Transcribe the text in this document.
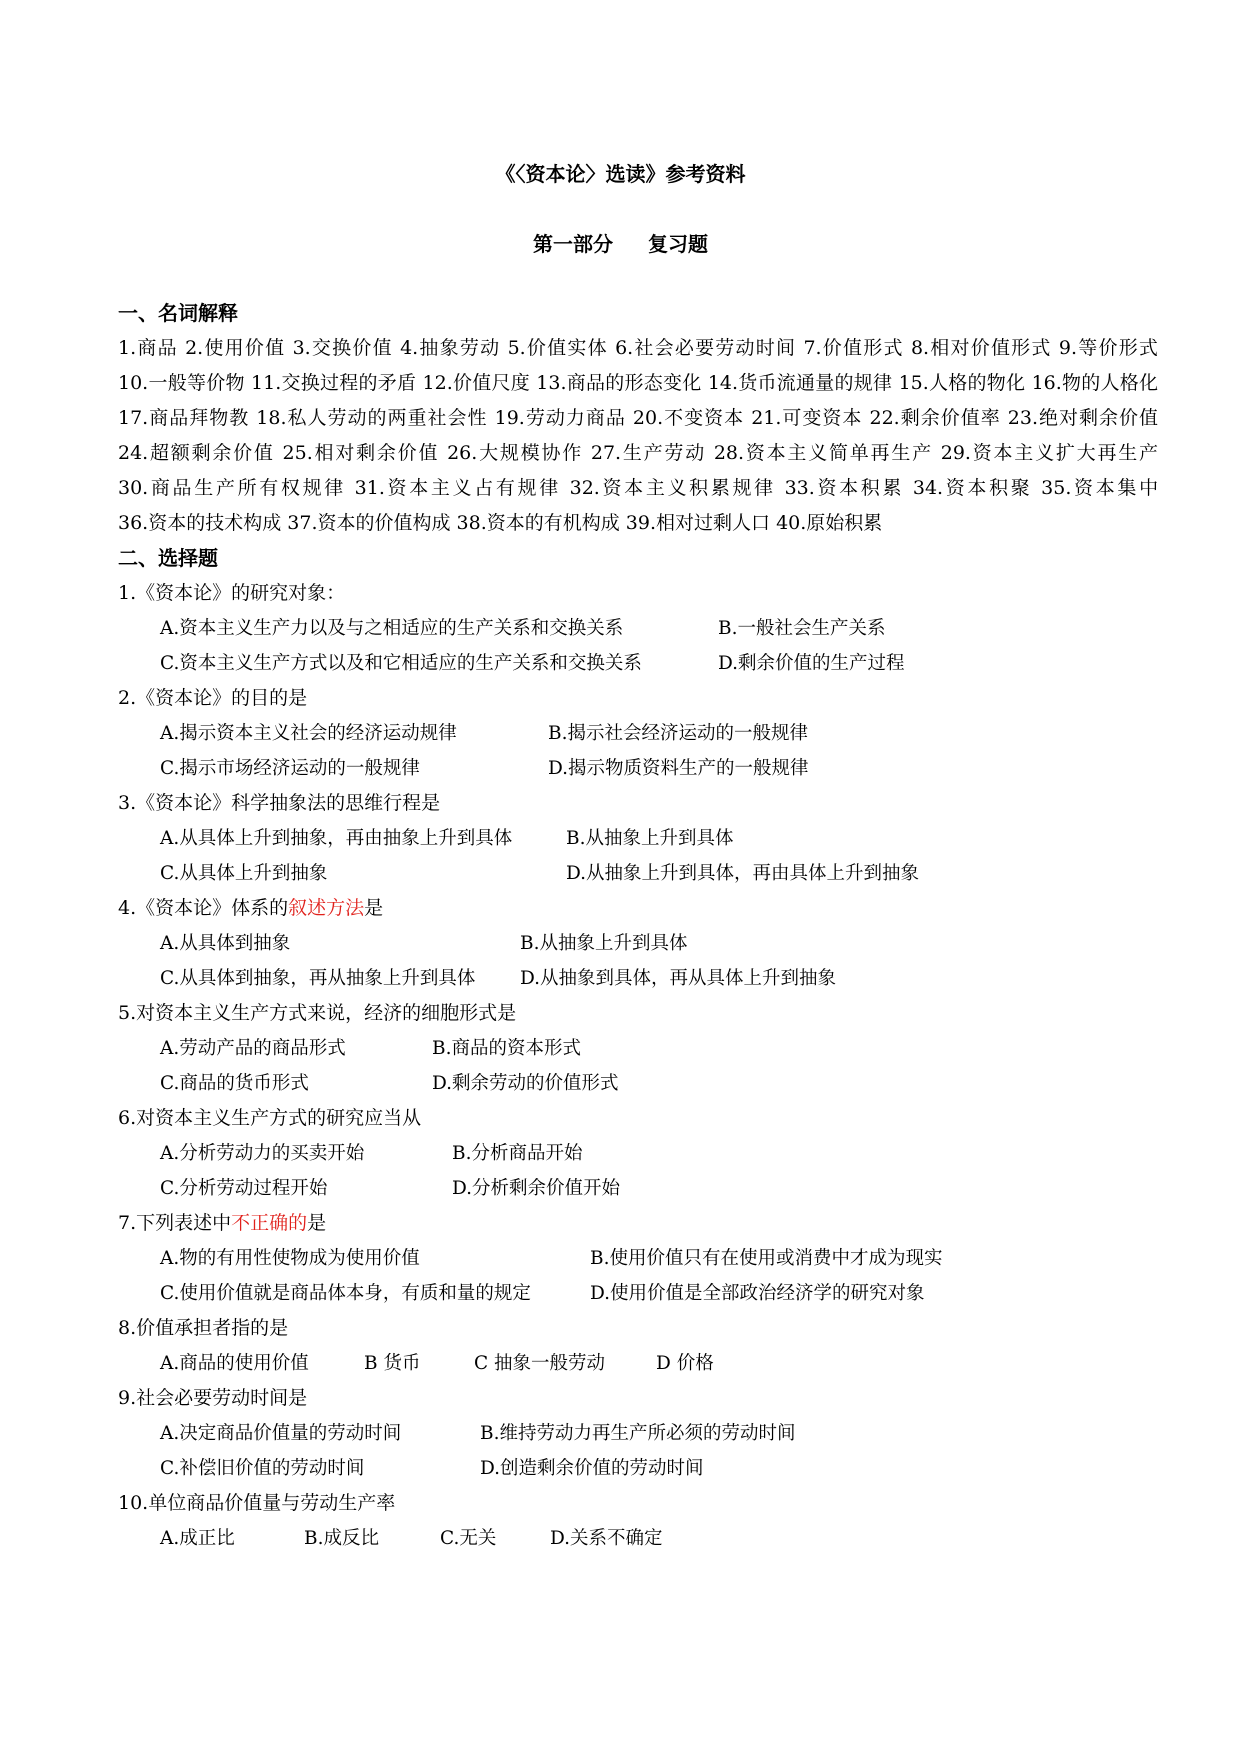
《〈资本论〉选读》参考资料
第一部分 复习题
一、名词解释
1.商品 2.使用价值 3.交换价值 4.抽象劳动 5.价值实体 6.社会必要劳动时间 7.价值形式 8.相对价值形式 9.等价形式 10.一般等价物 11.交换过程的矛盾 12.价值尺度 13.商品的形态变化 14.货币流通量的规律 15.人格的物化 16.物的人格化 17.商品拜物教 18.私人劳动的两重社会性 19.劳动力商品 20.不变资本 21.可变资本 22.剩余价值率 23.绝对剩余价值 24.超额剩余价值 25.相对剩余价值 26.大规模协作 27.生产劳动 28.资本主义简单再生产 29.资本主义扩大再生产 30.商品生产所有权规律 31.资本主义占有规律 32.资本主义积累规律 33.资本积累 34.资本积聚 35.资本集中 36.资本的技术构成 37.资本的价值构成 38.资本的有机构成 39.相对过剩人口 40.原始积累
二、选择题
1.《资本论》的研究对象：
A.资本主义生产力以及与之相适应的生产关系和交换关系	B.一般社会生产关系
C.资本主义生产方式以及和它相适应的生产关系和交换关系	D.剩余价值的生产过程
2.《资本论》的目的是
A.揭示资本主义社会的经济运动规律	B.揭示社会经济运动的一般规律
C.揭示市场经济运动的一般规律	D.揭示物质资料生产的一般规律
3.《资本论》科学抽象法的思维行程是
A.从具体上升到抽象，再由抽象上升到具体	B.从抽象上升到具体
C.从具体上升到抽象	D.从抽象上升到具体，再由具体上升到抽象
4.《资本论》体系的叙述方法是
A.从具体到抽象	B.从抽象上升到具体
C.从具体到抽象，再从抽象上升到具体 D.从抽象到具体，再从具体上升到抽象
5.对资本主义生产方式来说，经济的细胞形式是
A.劳动产品的商品形式	B.商品的资本形式
C.商品的货币形式	D.剩余劳动的价值形式
6.对资本主义生产方式的研究应当从
A.分析劳动力的买卖开始	B.分析商品开始
C.分析劳动过程开始	D.分析剩余价值开始
7.下列表述中不正确的是
A.物的有用性使物成为使用价值	B.使用价值只有在使用或消费中才成为现实
C.使用价值就是商品体本身，有质和量的规定	D.使用价值是全部政治经济学的研究对象
8.价值承担者指的是
A.商品的使用价值	B 货币	C 抽象一般劳动	D 价格
9.社会必要劳动时间是
A.决定商品价值量的劳动时间	B.维持劳动力再生产所必须的劳动时间
C.补偿旧价值的劳动时间	D.创造剩余价值的劳动时间
10.单位商品价值量与劳动生产率
A.成正比	B.成反比	C.无关	D.关系不确定
